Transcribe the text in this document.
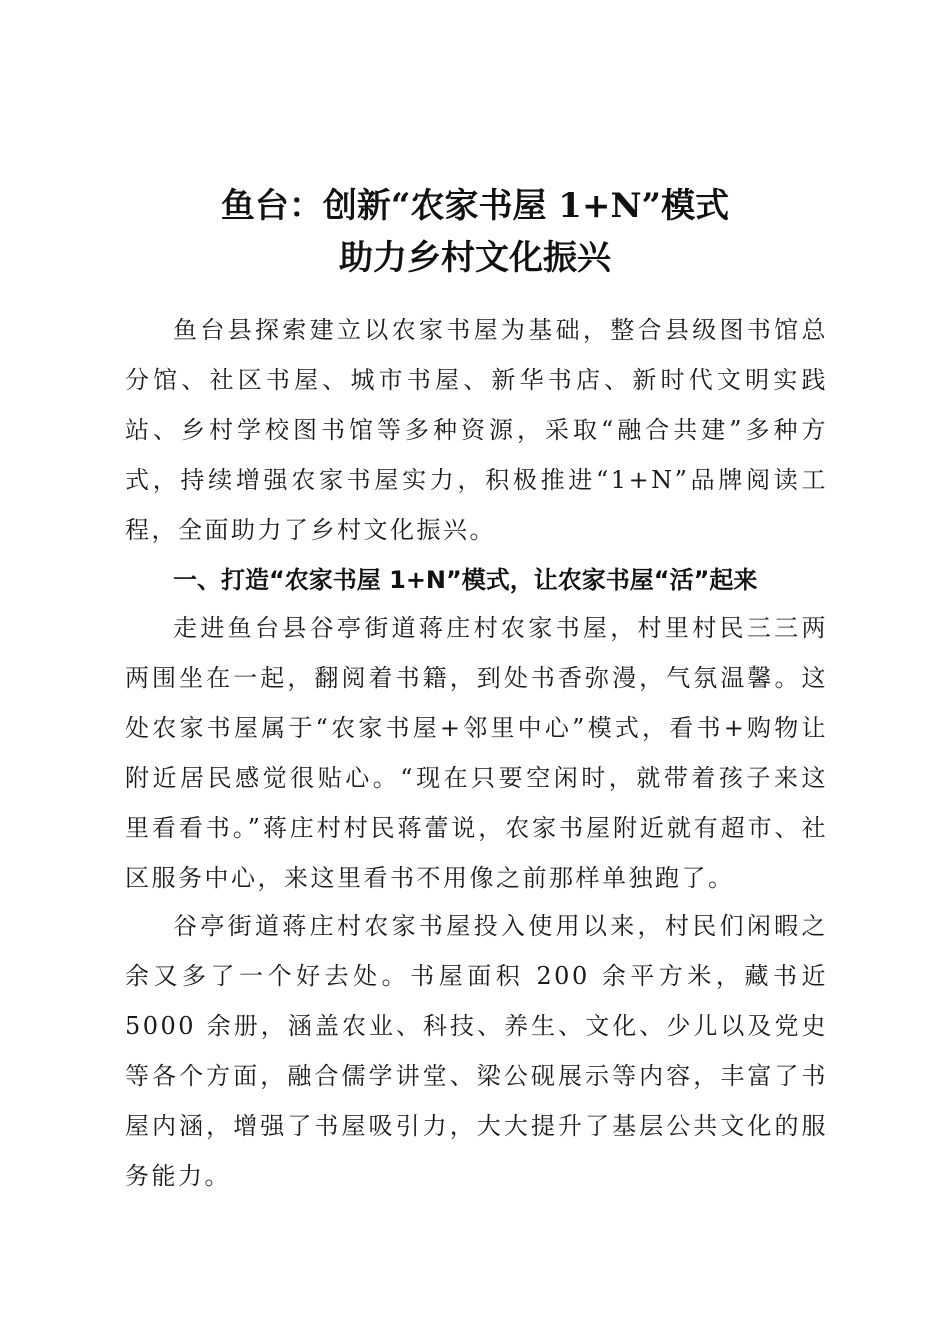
鱼台：创新“农家书屋 1+N”模式
助力乡村文化振兴

鱼台县探索建立以农家书屋为基础，整合县级图书馆总分馆、社区书屋、城市书屋、新华书店、新时代文明实践站、乡村学校图书馆等多种资源，采取“融合共建”多种方式，持续增强农家书屋实力，积极推进“1+N”品牌阅读工程，全面助力了乡村文化振兴。

一、打造“农家书屋 1+N”模式，让农家书屋“活”起来

走进鱼台县谷亭街道蒋庄村农家书屋，村里村民三三两两围坐在一起，翻阅着书籍，到处书香弥漫，气氛温馨。这处农家书屋属于“农家书屋+邻里中心”模式，看书+购物让附近居民感觉很贴心。“现在只要空闲时，就带着孩子来这里看看书。”蒋庄村村民蒋蕾说，农家书屋附近就有超市、社区服务中心，来这里看书不用像之前那样单独跑了。

谷亭街道蒋庄村农家书屋投入使用以来，村民们闲暇之余又多了一个好去处。书屋面积 200 余平方米，藏书近 5000 余册，涵盖农业、科技、养生、文化、少儿以及党史等各个方面，融合儒学讲堂、梁公砚展示等内容，丰富了书屋内涵，增强了书屋吸引力，大大提升了基层公共文化的服务能力。
